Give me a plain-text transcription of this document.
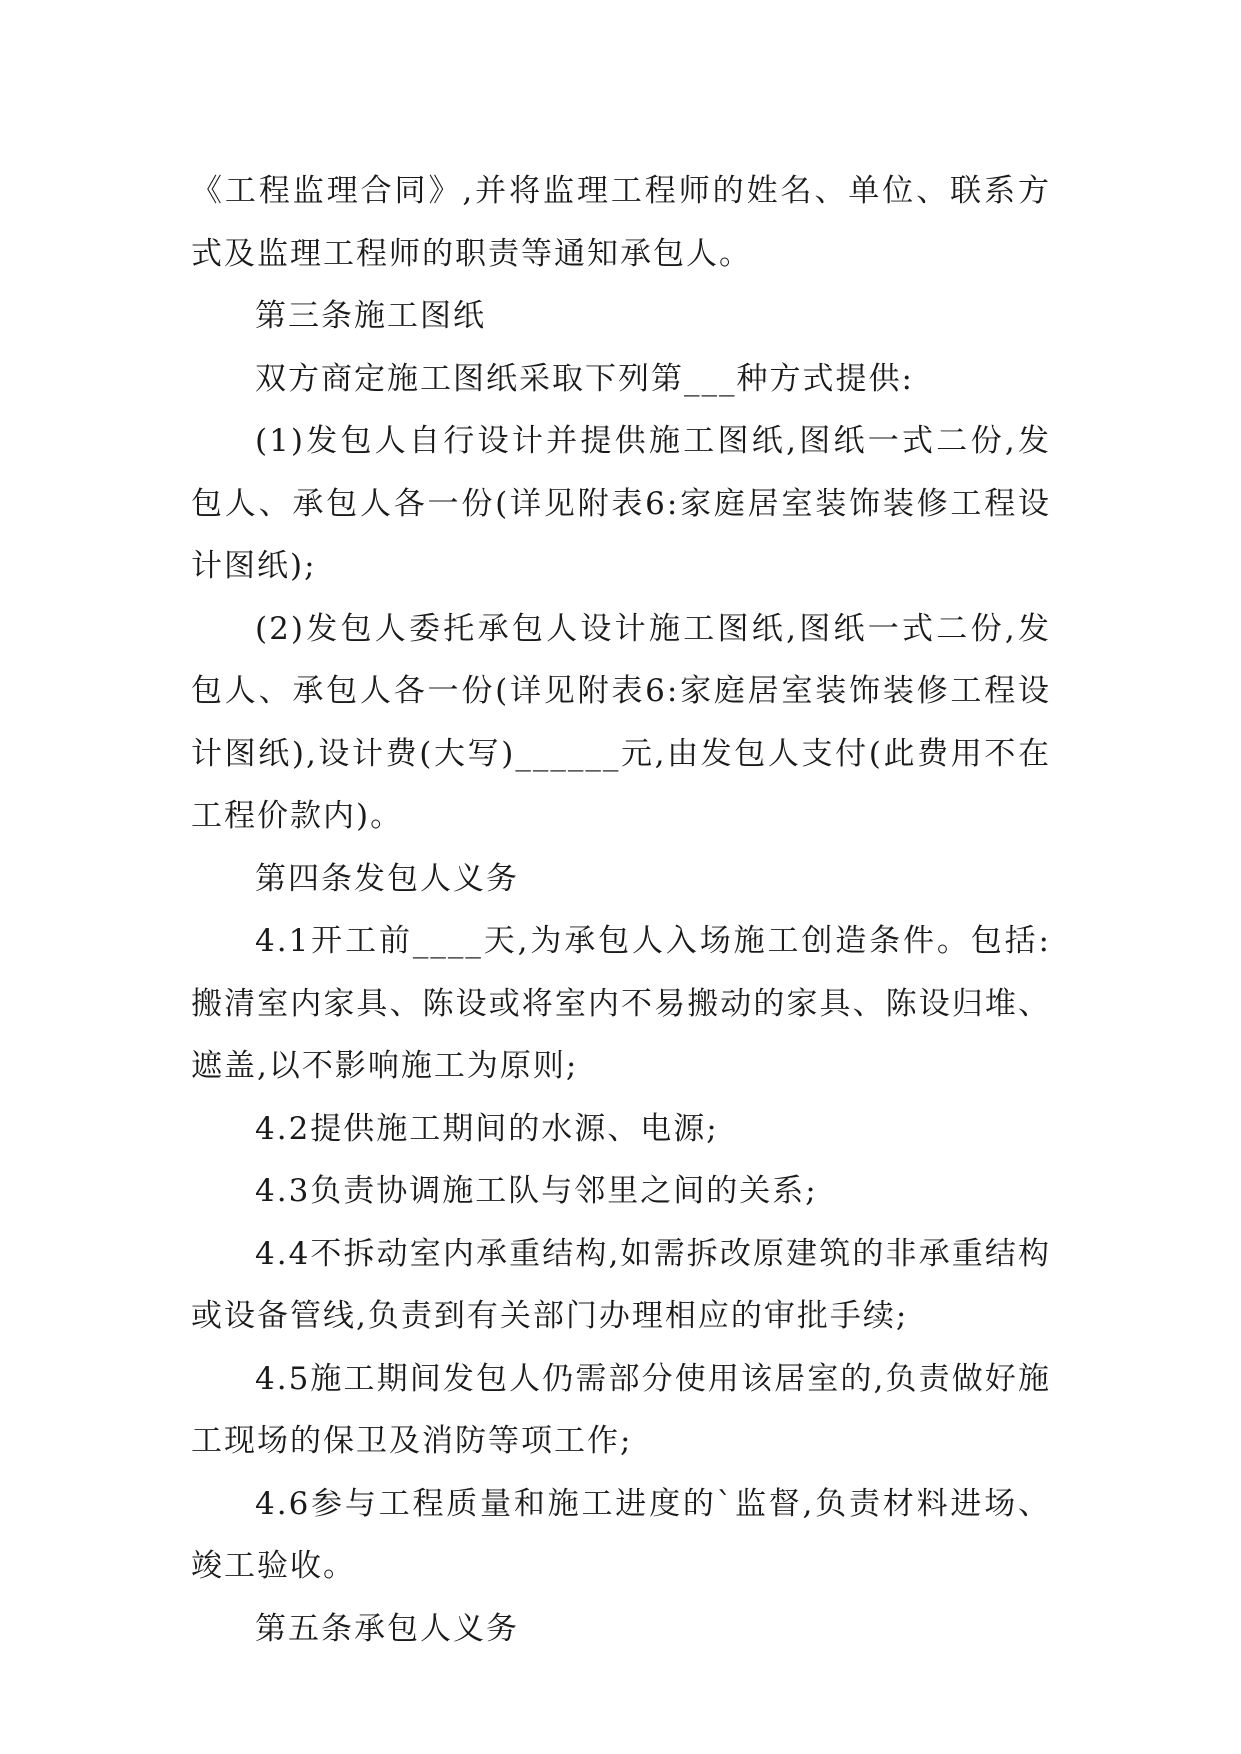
《工程监理合同》,并将监理工程师的姓名、单位、联系方式及监理工程师的职责等通知承包人。

第三条施工图纸

双方商定施工图纸采取下列第___种方式提供:

(1)发包人自行设计并提供施工图纸,图纸一式二份,发包人、承包人各一份(详见附表6:家庭居室装饰装修工程设计图纸);

(2)发包人委托承包人设计施工图纸,图纸一式二份,发包人、承包人各一份(详见附表6:家庭居室装饰装修工程设计图纸),设计费(大写)______元,由发包人支付(此费用不在工程价款内)。

第四条发包人义务

4.1开工前____天,为承包人入场施工创造条件。包括:搬清室内家具、陈设或将室内不易搬动的家具、陈设归堆、遮盖,以不影响施工为原则;

4.2提供施工期间的水源、电源;

4.3负责协调施工队与邻里之间的关系;

4.4不拆动室内承重结构,如需拆改原建筑的非承重结构或设备管线,负责到有关部门办理相应的审批手续;

4.5施工期间发包人仍需部分使用该居室的,负责做好施工现场的保卫及消防等项工作;

4.6参与工程质量和施工进度的`监督,负责材料进场、竣工验收。

第五条承包人义务
